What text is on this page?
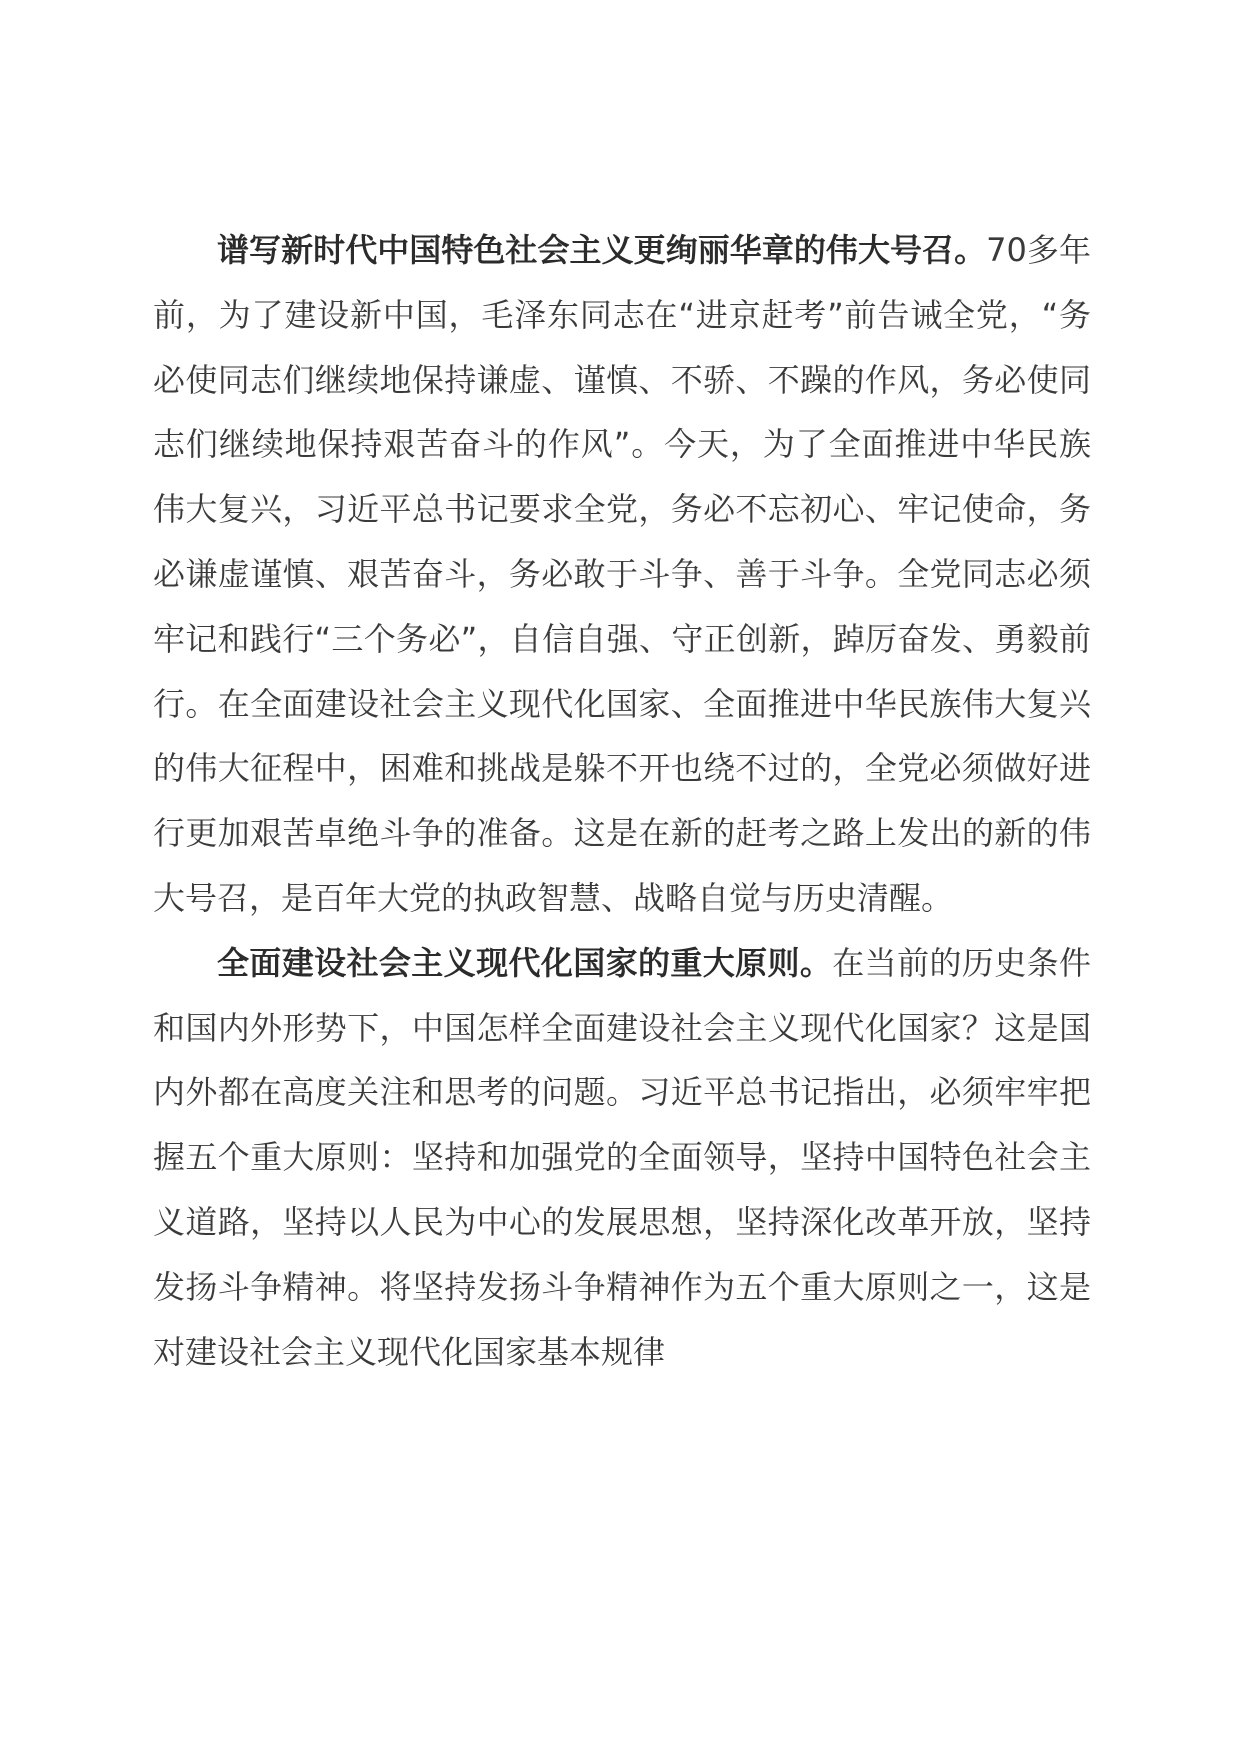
谱写新时代中国特色社会主义更绚丽华章的伟大号召。70多年前，为了建设新中国，毛泽东同志在“进京赶考”前告诫全党，“务必使同志们继续地保持谦虚、谨慎、不骄、不躁的作风，务必使同志们继续地保持艰苦奋斗的作风”。今天，为了全面推进中华民族伟大复兴，习近平总书记要求全党，务必不忘初心、牢记使命，务必谦虚谨慎、艰苦奋斗，务必敢于斗争、善于斗争。全党同志必须牢记和践行“三个务必”，自信自强、守正创新，踔厉奋发、勇毅前行。在全面建设社会主义现代化国家、全面推进中华民族伟大复兴的伟大征程中，困难和挑战是躲不开也绕不过的，全党必须做好进行更加艰苦卓绝斗争的准备。这是在新的赶考之路上发出的新的伟大号召，是百年大党的执政智慧、战略自觉与历史清醒。

全面建设社会主义现代化国家的重大原则。在当前的历史条件和国内外形势下，中国怎样全面建设社会主义现代化国家？这是国内外都在高度关注和思考的问题。习近平总书记指出，必须牢牢把握五个重大原则：坚持和加强党的全面领导，坚持中国特色社会主义道路，坚持以人民为中心的发展思想，坚持深化改革开放，坚持发扬斗争精神。将坚持发扬斗争精神作为五个重大原则之一，这是对建设社会主义现代化国家基本规律
